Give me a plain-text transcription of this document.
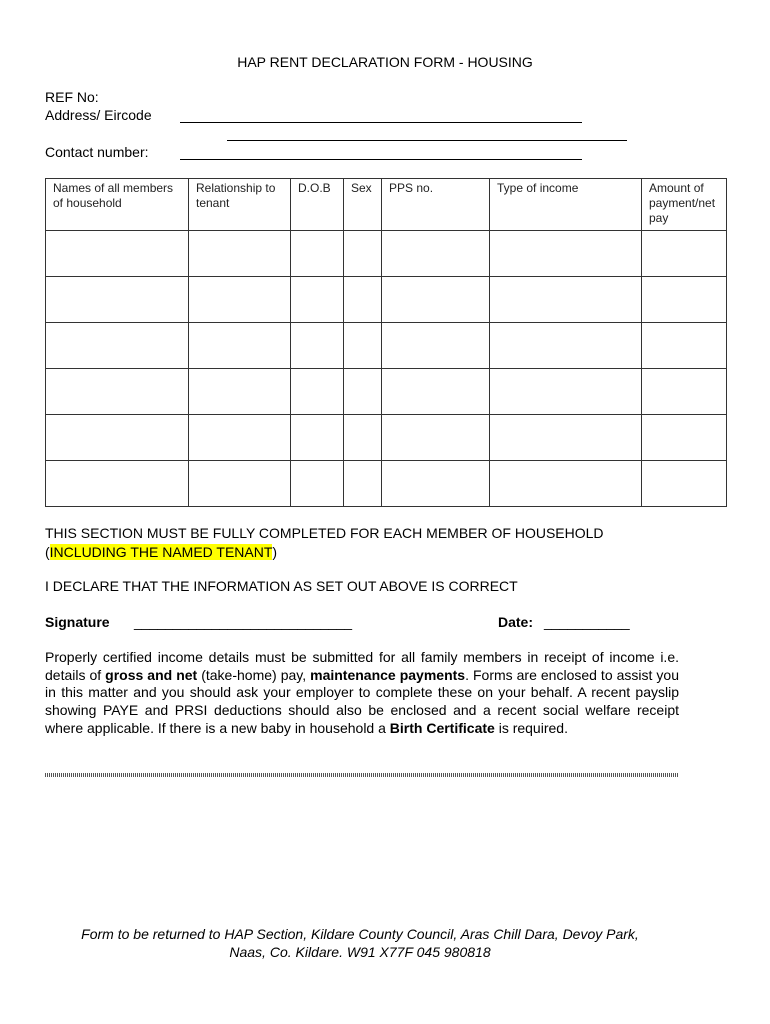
HAP RENT DECLARATION FORM - HOUSING
REF No:
Address/ Eircode
Contact number:
Names of all members of household	Relationship to tenant	D.O.B	Sex	PPS no.	Type of income	Amount of payment/net pay

THIS SECTION MUST BE FULLY COMPLETED FOR EACH MEMBER OF HOUSEHOLD
(INCLUDING THE NAMED TENANT)
I DECLARE THAT THE INFORMATION AS SET OUT ABOVE IS CORRECT
Signature ____________________________	Date: ___________
Properly certified income details must be submitted for all family members in receipt of income i.e. details of gross and net (take-home) pay, maintenance payments. Forms are enclosed to assist you in this matter and you should ask your employer to complete these on your behalf. A recent payslip showing PAYE and PRSI deductions should also be enclosed and a recent social welfare receipt where applicable. If there is a new baby in household a Birth Certificate is required.
Form to be returned to HAP Section, Kildare County Council, Aras Chill Dara, Devoy Park,
Naas, Co. Kildare. W91 X77F 045 980818
